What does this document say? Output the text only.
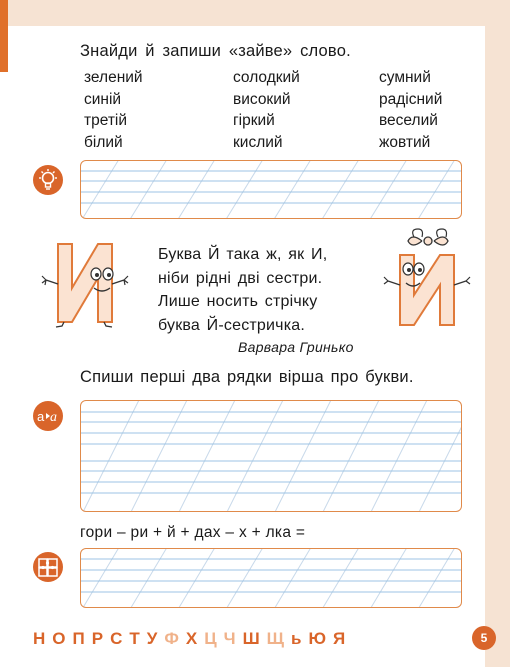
Знайди й запиши «зайве» слово.
зелений
синій
третій
білий
солодкий
високий
гіркий
кислий
сумний
радісний
веселий
жовтий
Буква Й така ж, як И,
ніби рідні дві сестри.
Лише носить стрічку
буква Й-сестричка.
Варвара Гринько
Спиши перші два рядки вірша про букви.
а a
гори – ри + й + дах – х + лка =
Н О П Р С Т У Ф Х Ц Ч Ш Щ ь Ю Я	5
